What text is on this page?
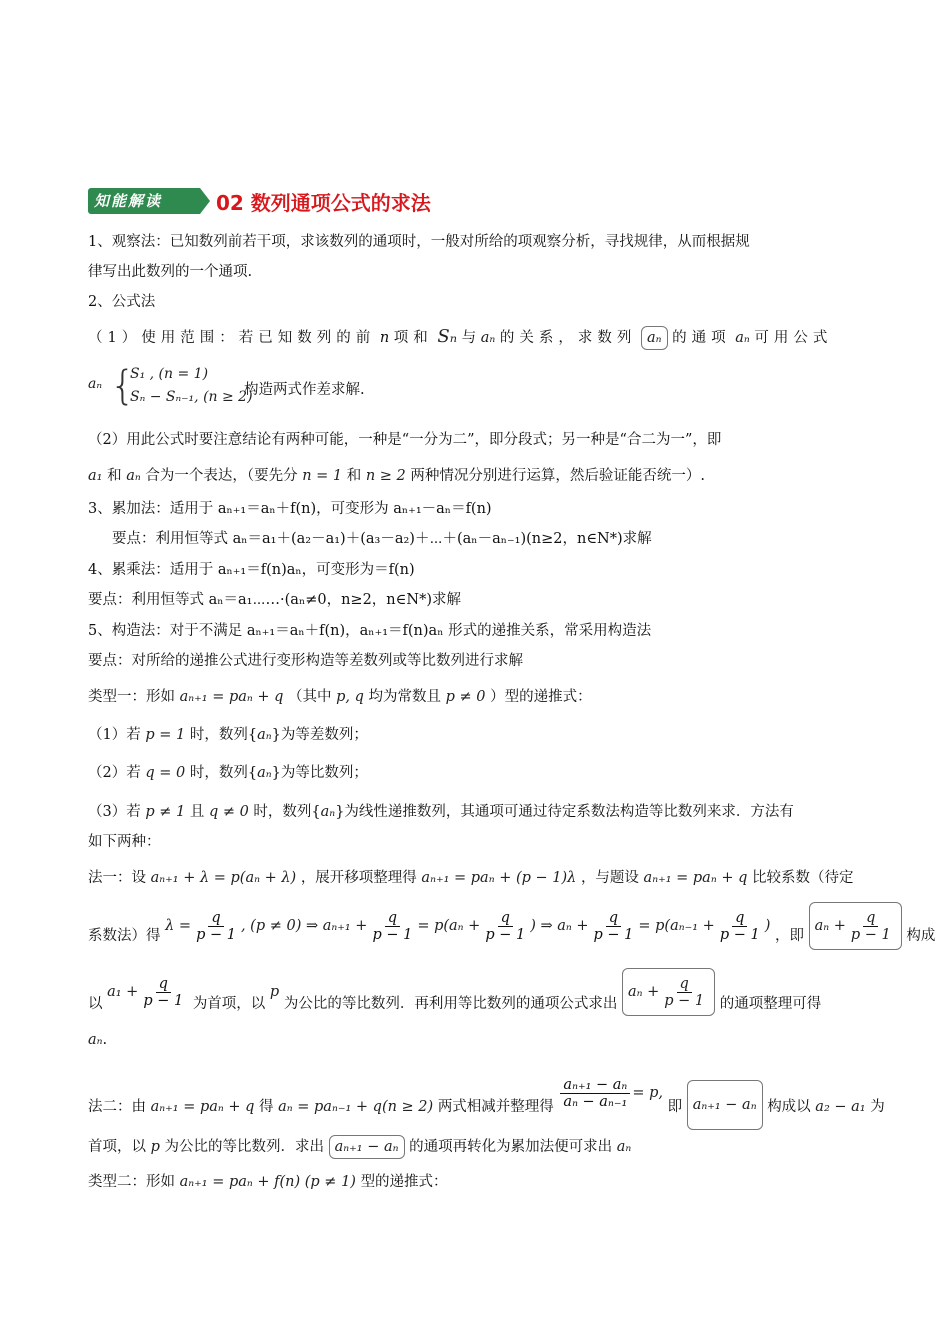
知能解读	02 数列通项公式的求法
1、观察法：已知数列前若干项，求该数列的通项时，一般对所给的项观察分析，寻找规律，从而根据规
律写出此数列的一个通项.
2、公式法
（1）使用范围：若已知数列的前 n 项和 Sₙ 与 aₙ 的关系，求数列 aₙ 的通项 aₙ 可用公式
aₙ {
S₁ , (n = 1)
Sₙ − Sₙ₋₁, (n ≥ 2)
构造两式作差求解.
（2）用此公式时要注意结论有两种可能，一种是“一分为二”，即分段式；另一种是“合二为一”，即
a₁ 和 aₙ 合为一个表达，（要先分 n = 1 和 n ≥ 2 两种情况分别进行运算，然后验证能否统一）.
3、累加法：适用于 aₙ₊₁＝aₙ＋f(n)，可变形为 aₙ₊₁－aₙ＝f(n)
要点：利用恒等式 aₙ＝a₁＋(a₂－a₁)＋(a₃－a₂)＋⋯＋(aₙ－aₙ₋₁)(n≥2，n∈N*)求解
4、累乘法：适用于 aₙ₊₁＝f(n)aₙ，可变形为＝f(n)
要点：利用恒等式 aₙ＝a₁⋯…·(aₙ≠0，n≥2，n∈N*)求解
5、构造法：对于不满足 aₙ₊₁＝aₙ＋f(n)，aₙ₊₁＝f(n)aₙ 形式的递推关系，常采用构造法
要点：对所给的递推公式进行变形构造等差数列或等比数列进行求解
类型一：形如 aₙ₊₁ = paₙ + q （其中 p, q 均为常数且 p ≠ 0 ）型的递推式：
（1）若 p = 1 时，数列{aₙ}为等差数列；
（2）若 q = 0 时，数列{aₙ}为等比数列；
（3）若 p ≠ 1 且 q ≠ 0 时，数列{aₙ}为线性递推数列，其通项可通过待定系数法构造等比数列来求．方法有
如下两种：
法一：设 aₙ₊₁ + λ = p(aₙ + λ) ，展开移项整理得 aₙ₊₁ = paₙ + (p − 1)λ ，与题设 aₙ₊₁ = paₙ + q 比较系数（待定
系数法）得 $\lambda = \frac{q}{p - 1}$ , (p ≠ 0) ⇒ $a_{n+1} + \frac{q}{p - 1} = p(a_n + \frac{q}{p - 1}$ ) ⇒ $a_n + \frac{q}{p - 1} = p(a_{n-1} + \frac{q}{p - 1}$ ) ，即 $a_n + \frac{q}{p - 1}$ 构成
以 $a_1 + \frac{q}{p - 1}$ 为首项，以 p 为公比的等比数列．再利用等比数列的通项公式求出 $a_n + \frac{q}{p - 1}$ 的通项整理可得
aₙ.
法二：由 aₙ₊₁ = paₙ + q 得 aₙ = paₙ₋₁ + q(n ≥ 2) 两式相减并整理得 $\frac{\text{aₙ₊₁ − aₙ}}{\text{aₙ − aₙ₋₁}} = p$, 即 aₙ₊₁ − aₙ 构成以 a₂ − a₁ 为
首项，以 p 为公比的等比数列．求出 aₙ₊₁ − aₙ 的通项再转化为累加法便可求出 aₙ
类型二：形如 aₙ₊₁ = paₙ + f(n) (p ≠ 1) 型的递推式：
